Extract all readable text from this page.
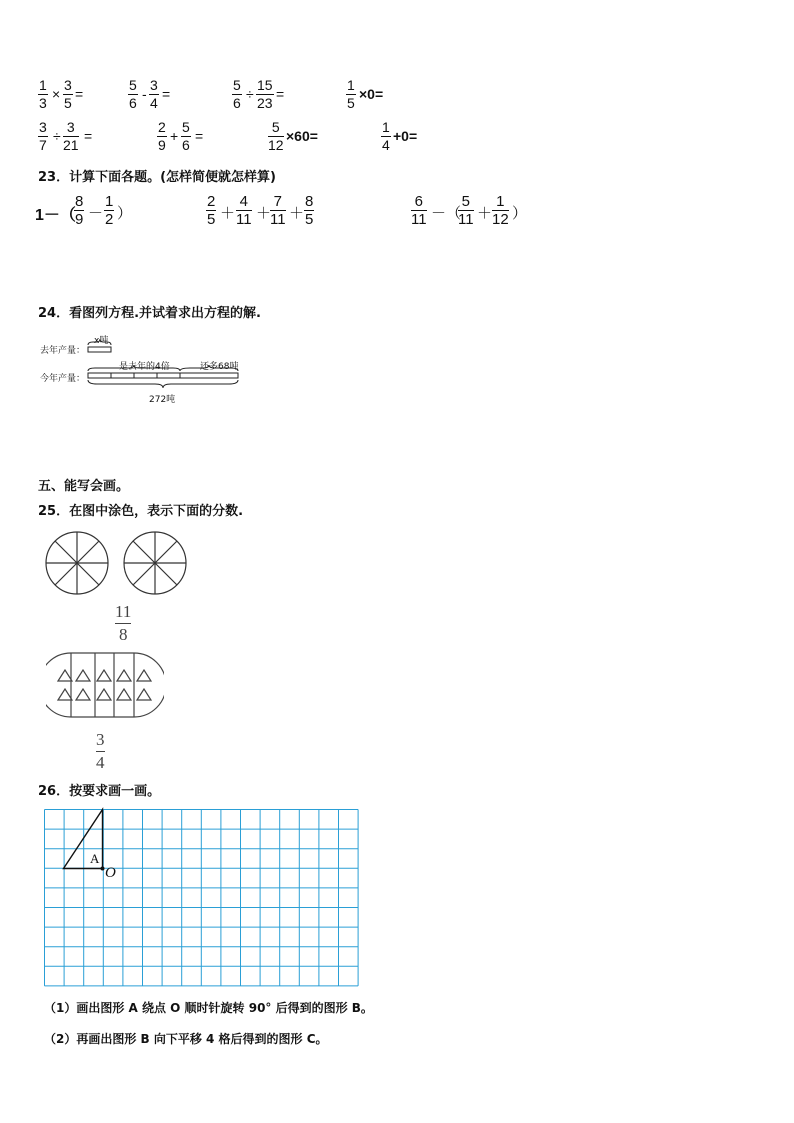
1
3
×
3
5
=
5
6
-
3
4
=
5
6
÷
15
23
=
1
5
×0=
3
7
÷
3
21
=
2
9
+
5
6
=
5
12
×60=
1
4
+0=
23．计算下面各题。(怎样简便就怎样算)
1－（
8
9 －
1
2 ）
2
5 ＋
4
11 ＋
7
11 ＋
8
5
6
11 －（
5
11 ＋
1
12 ）
24．看图列方程.并试着求出方程的解.
去年产量：
今年产量：
x吨
是去年的4倍	还多68吨
272吨
五、能写会画。
25．在图中涂色，表示下面的分数.
11
8
3
4
26．按要求画一画。
A
O
（1）画出图形 A 绕点 O 顺时针旋转 90° 后得到的图形 B。
（2）再画出图形 B 向下平移 4 格后得到的图形 C。
